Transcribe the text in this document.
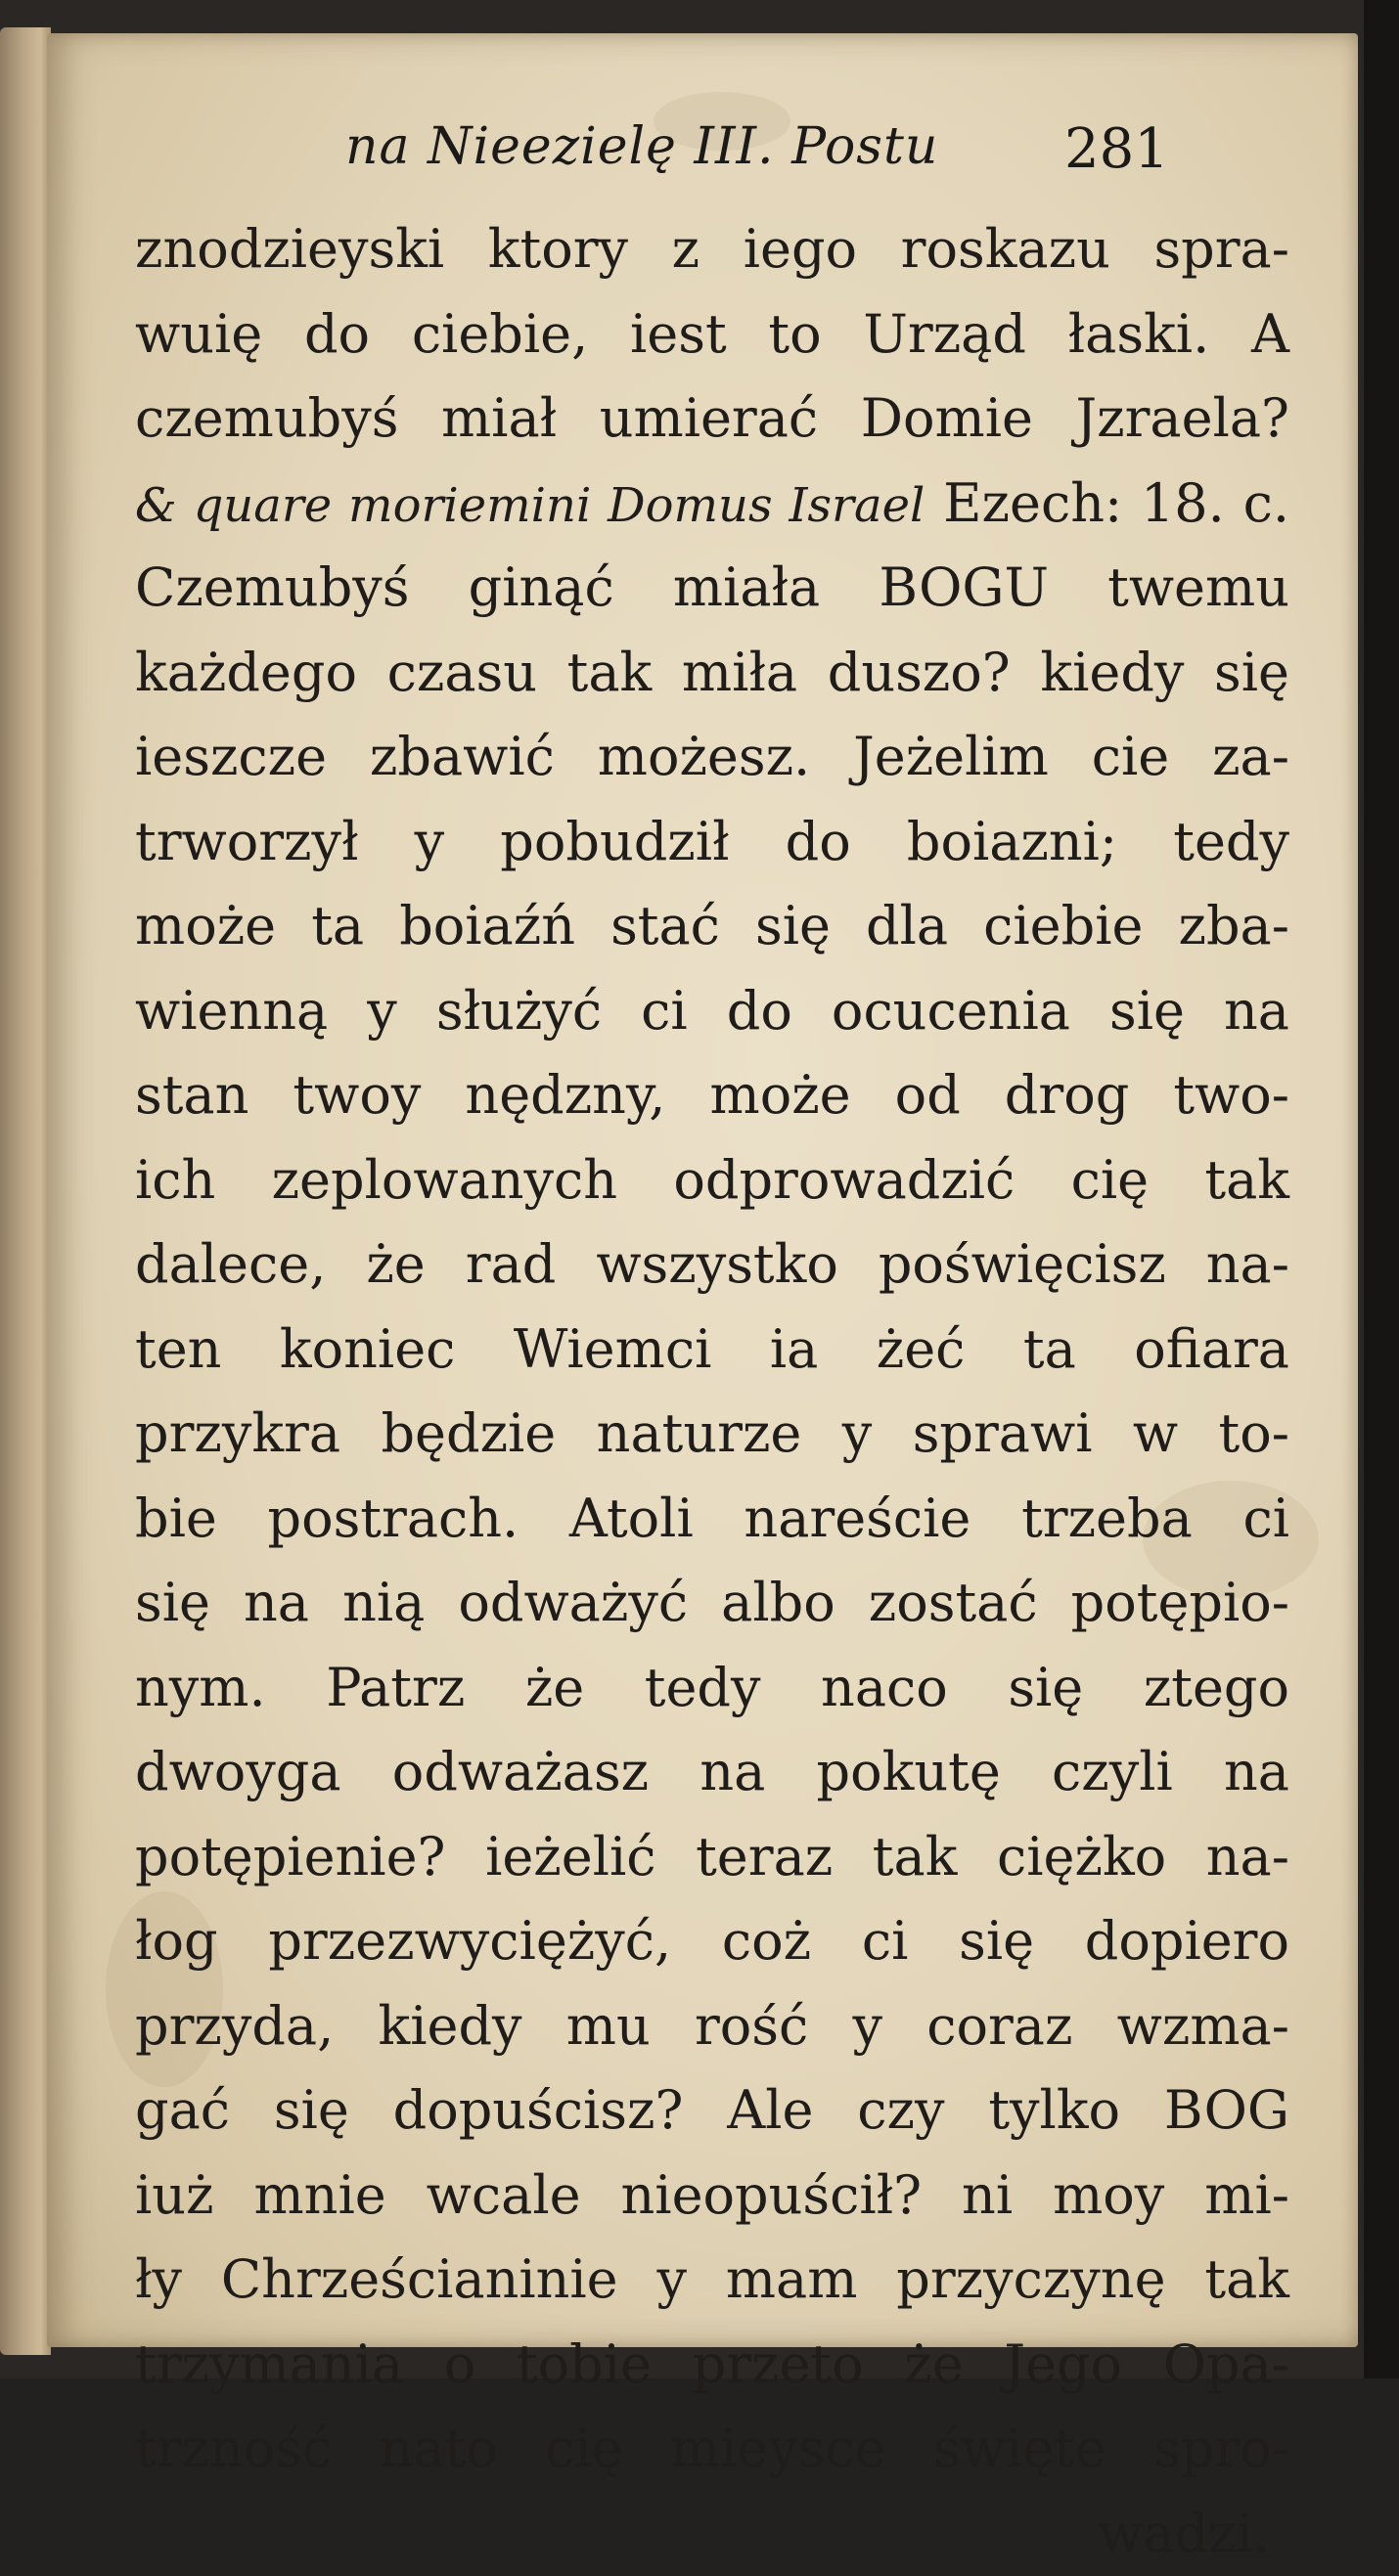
na Nieezielę III. Postu 281
znodzieyski ktory z iego roskazu spra-
wuię do ciebie, iest to Urząd łaski. A
czemubyś miał umierać Domie Jzraela?
& quare moriemini Domus Israel Ezech: 18. c.
Czemubyś ginąć miała BOGU twemu
każdego czasu tak miła duszo? kiedy się
ieszcze zbawić możesz. Jeżelim cie za-
trworzył y pobudził do boiazni; tedy
może ta boiaźń stać się dla ciebie zba-
wienną y służyć ci do ocucenia się na
stan twoy nędzny, może od drog two-
ich zeplowanych odprowadzić cię tak
dalece, że rad wszystko poświęcisz na-
ten koniec Wiemci ia żeć ta ofiara
przykra będzie naturze y sprawi w to-
bie postrach. Atoli nareście trzeba ci
się na nią odważyć albo zostać potępio-
nym. Patrz że tedy naco się ztego
dwoyga odważasz na pokutę czyli na
potępienie? ieżelić teraz tak ciężko na-
łog przezwyciężyć, coż ci się dopiero
przyda, kiedy mu rość y coraz wzma-
gać się dopuścisz? Ale czy tylko BOG
iuż mnie wcale nieopuścił? ni moy mi-
ły Chrześcianinie y mam przyczynę tak
trzymania o tobie przeto że Jego Opa-
trzność nato cię mieysce święte spro-
wadzi.
